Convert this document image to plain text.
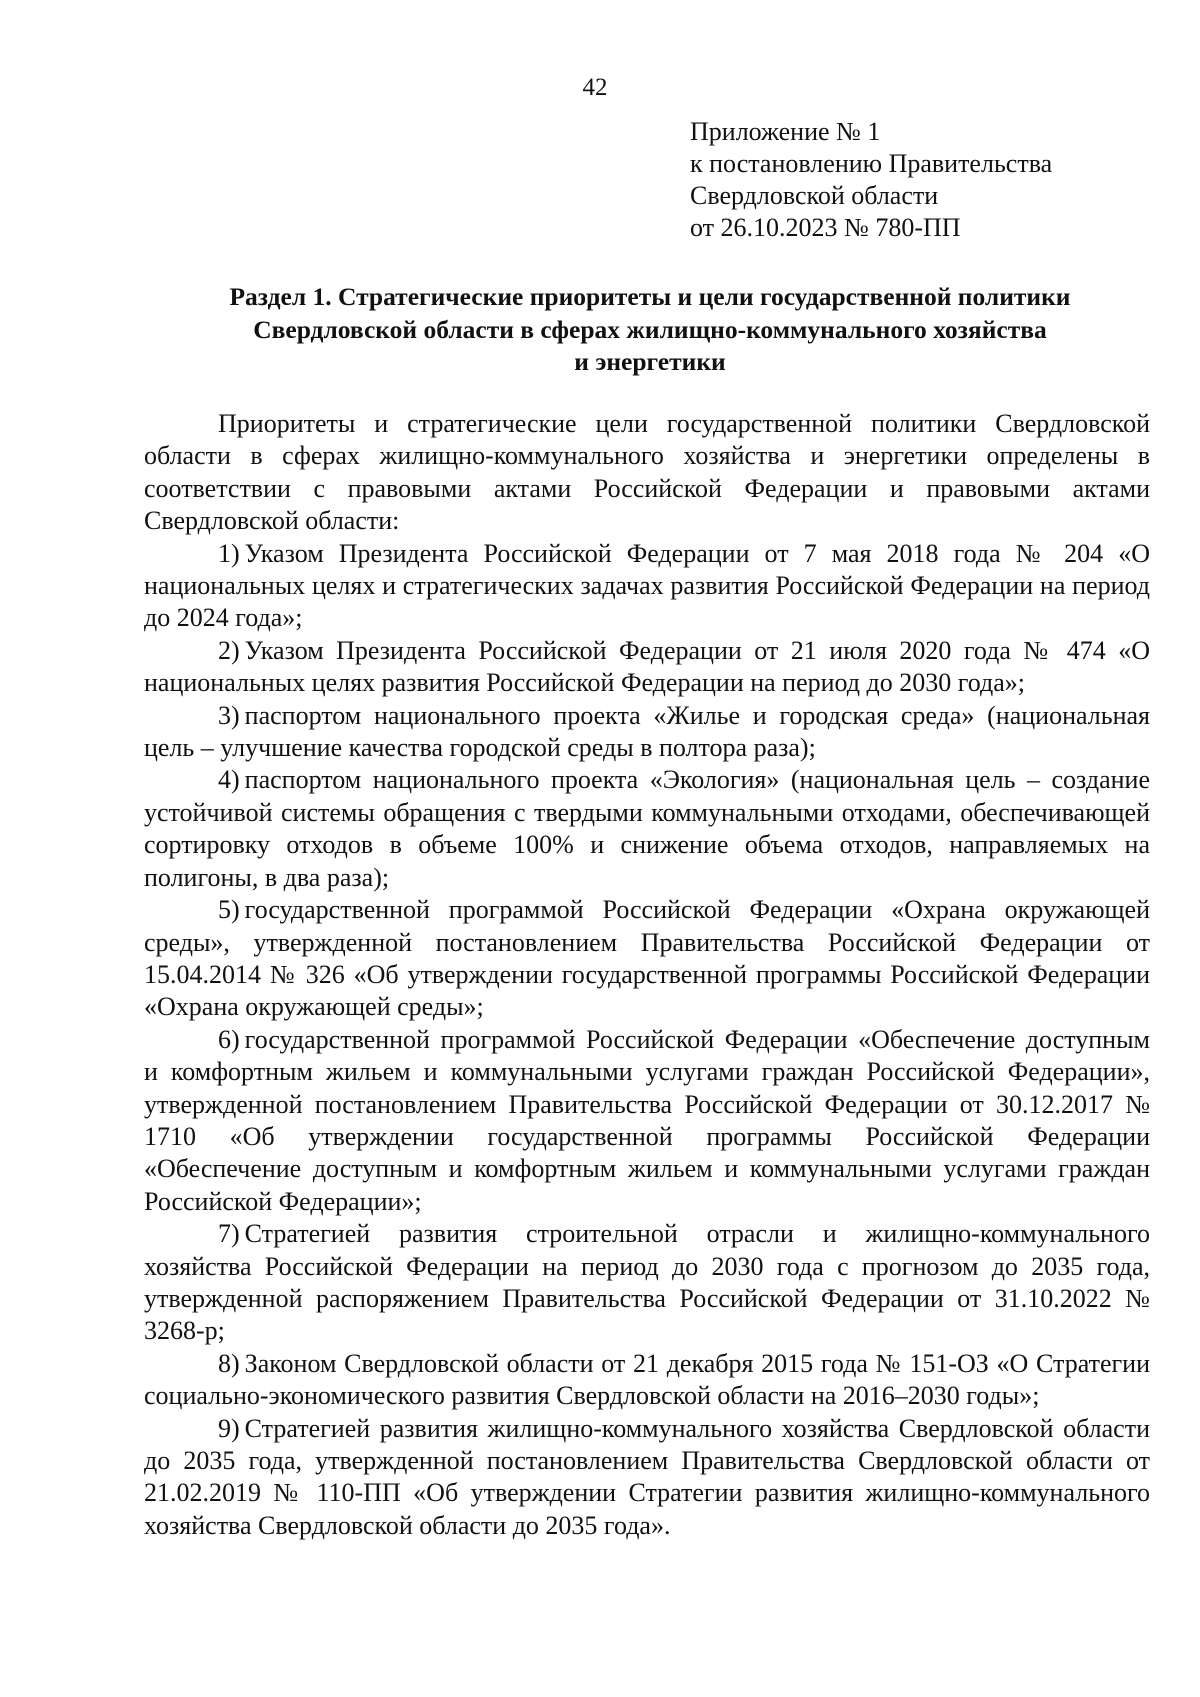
42
Приложение № 1
к постановлению Правительства
Свердловской области
от 26.10.2023 № 780-ПП
Раздел 1. Стратегические приоритеты и цели государственной политики
Свердловской области в сферах жилищно-коммунального хозяйства
и энергетики

Приоритеты и стратегические цели государственной политики Свердловской области в сферах жилищно-коммунального хозяйства и энергетики определены в соответствии с правовыми актами Российской Федерации и правовыми актами Свердловской области:

1) Указом Президента Российской Федерации от 7 мая 2018 года № 204 «О национальных целях и стратегических задачах развития Российской Федерации на период до 2024 года»;

2) Указом Президента Российской Федерации от 21 июля 2020 года № 474 «О национальных целях развития Российской Федерации на период до 2030 года»;

3) паспортом национального проекта «Жилье и городская среда» (национальная цель – улучшение качества городской среды в полтора раза);

4) паспортом национального проекта «Экология» (национальная цель – создание устойчивой системы обращения с твердыми коммунальными отходами, обеспечивающей сортировку отходов в объеме 100% и снижение объема отходов, направляемых на полигоны, в два раза);

5) государственной программой Российской Федерации «Охрана окружающей среды», утвержденной постановлением Правительства Российской Федерации от 15.04.2014 № 326 «Об утверждении государственной программы Российской Федерации «Охрана окружающей среды»;

6) государственной программой Российской Федерации «Обеспечение доступным и комфортным жильем и коммунальными услугами граждан Российской Федерации», утвержденной постановлением Правительства Российской Федерации от 30.12.2017 № 1710 «Об утверждении государственной программы Российской Федерации «Обеспечение доступным и комфортным жильем и коммунальными услугами граждан Российской Федерации»;

7) Стратегией развития строительной отрасли и жилищно-коммунального хозяйства Российской Федерации на период до 2030 года с прогнозом до 2035 года, утвержденной распоряжением Правительства Российской Федерации от 31.10.2022 № 3268-р;

8) Законом Свердловской области от 21 декабря 2015 года № 151-ОЗ «О Стратегии социально-экономического развития Свердловской области на 2016–2030 годы»;

9) Стратегией развития жилищно-коммунального хозяйства Свердловской области до 2035 года, утвержденной постановлением Правительства Свердловской области от 21.02.2019 № 110-ПП «Об утверждении Стратегии развития жилищно-коммунального хозяйства Свердловской области до 2035 года».
